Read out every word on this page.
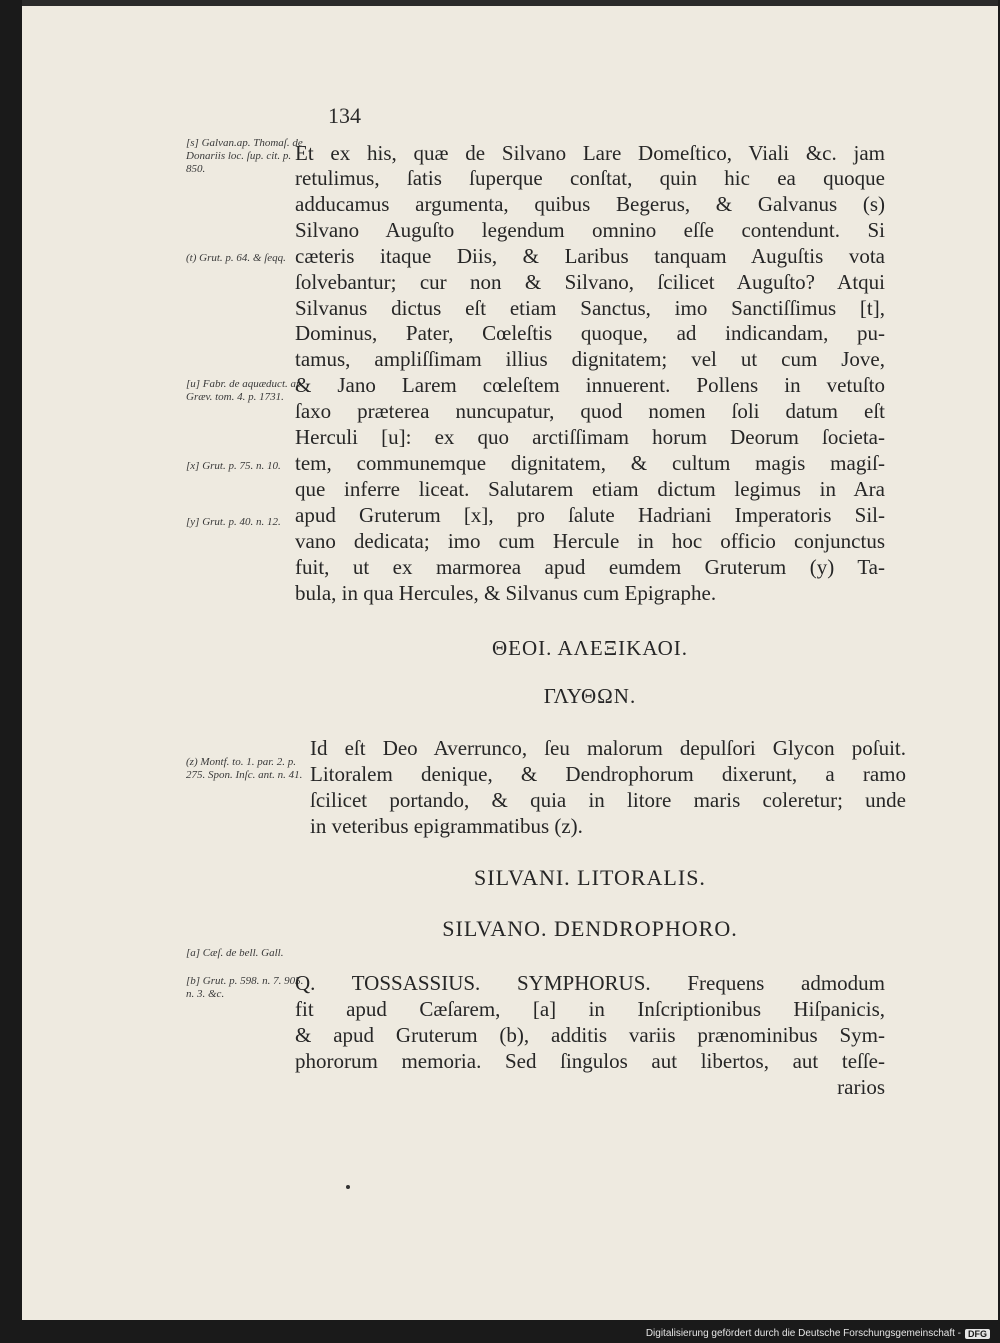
134
[s] Galvan.ap. Thomaſ. de Donariis loc. ſup. cit. p. 850.
(t) Grut. p. 64. & ſeqq.
[u] Fabr. de aquæduct. ap. Græv. tom. 4. p. 1731.
[x] Grut. p. 75. n. 10.
[y] Grut. p. 40. n. 12.
(z) Montf. to. 1. par. 2. p. 275. Spon. Inſc. ant. n. 41.
[a] Cæſ. de bell. Gall.
[b] Grut. p. 598. n. 7. 905. n. 3. &c.
Et ex his, quæ de Silvano Lare Domeſtico, Viali &c. jam
retulimus, ſatis ſuperque conſtat, quin hic ea quoque
adducamus argumenta, quibus Begerus, & Galvanus (s)
Silvano Auguſto legendum omnino eſſe contendunt. Si
cæteris itaque Diis, & Laribus tanquam Auguſtis vota
ſolvebantur; cur non & Silvano, ſcilicet Auguſto? Atqui
Silvanus dictus eſt etiam Sanctus, imo Sanctiſſimus [t],
Dominus, Pater, Cœleſtis quoque, ad indicandam, pu-
tamus, ampliſſimam illius dignitatem; vel ut cum Jove,
& Jano Larem cœleſtem innuerent. Pollens in vetuſto
ſaxo præterea nuncupatur, quod nomen ſoli datum eſt
Herculi [u]: ex quo arctiſſimam horum Deorum ſocieta-
tem, communemque dignitatem, & cultum magis magiſ-
que inferre liceat. Salutarem etiam dictum legimus in Ara
apud Gruterum [x], pro ſalute Hadriani Imperatoris Sil-
vano dedicata; imo cum Hercule in hoc officio conjunctus
fuit, ut ex marmorea apud eumdem Gruterum (y) Ta-
bula, in qua Hercules, & Silvanus cum Epigraphe.
ΘΕΟΙ. ΑΛΕΞΙΚΑΟΙ.
ΓΛΥΘΩΝ.
Id eſt Deo Averrunco, ſeu malorum depulſori Glycon poſuit.
Litoralem denique, & Dendrophorum dixerunt, a ramo
ſcilicet portando, & quia in litore maris coleretur; unde
in veteribus epigrammatibus (z).
SILVANI. LITORALIS.
SILVANO. DENDROPHORO.
Q. TOSSASSIUS. SYMPHORUS. Frequens admodum
fit apud Cæſarem, [a] in Inſcriptionibus Hiſpanicis,
& apud Gruterum (b), additis variis prænominibus Sym-
phororum memoria. Sed ſingulos aut libertos, aut teſſe-
rarios
Digitalisierung gefördert durch die Deutsche Forschungsgemeinschaft - DFG
